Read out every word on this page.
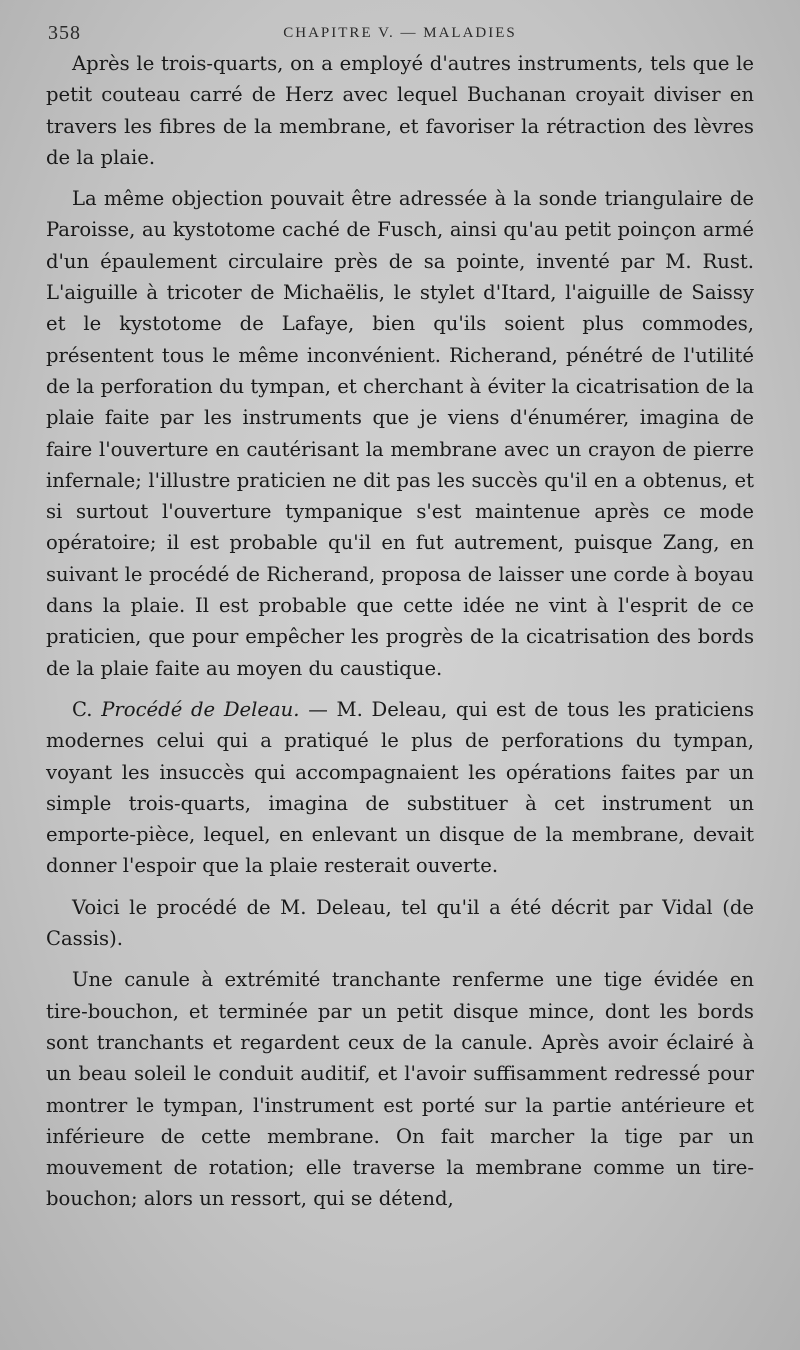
358	CHAPITRE V. — MALADIES

Après le trois-quarts, on a employé d'autres instruments, tels que le petit couteau carré de Herz avec lequel Buchanan croyait diviser en travers les fibres de la membrane, et favoriser la rétraction des lèvres de la plaie.

La même objection pouvait être adressée à la sonde triangulaire de Paroisse, au kystotome caché de Fusch, ainsi qu'au petit poinçon armé d'un épaulement circulaire près de sa pointe, inventé par M. Rust. L'aiguille à tricoter de Michaëlis, le stylet d'Itard, l'aiguille de Saissy et le kystotome de Lafaye, bien qu'ils soient plus commodes, présentent tous le même inconvénient. Richerand, pénétré de l'utilité de la perforation du tympan, et cherchant à éviter la cicatrisation de la plaie faite par les instruments que je viens d'énumérer, imagina de faire l'ouverture en cautérisant la membrane avec un crayon de pierre infernale; l'illustre praticien ne dit pas les succès qu'il en a obtenus, et si surtout l'ouverture tympanique s'est maintenue après ce mode opératoire; il est probable qu'il en fut autrement, puisque Zang, en suivant le procédé de Richerand, proposa de laisser une corde à boyau dans la plaie. Il est probable que cette idée ne vint à l'esprit de ce praticien, que pour empêcher les progrès de la cicatrisation des bords de la plaie faite au moyen du caustique.

C. Procédé de Deleau. — M. Deleau, qui est de tous les praticiens modernes celui qui a pratiqué le plus de perforations du tympan, voyant les insuccès qui accompagnaient les opérations faites par un simple trois-quarts, imagina de substituer à cet instrument un emporte-pièce, lequel, en enlevant un disque de la membrane, devait donner l'espoir que la plaie resterait ouverte.

Voici le procédé de M. Deleau, tel qu'il a été décrit par Vidal (de Cassis).

Une canule à extrémité tranchante renferme une tige évidée en tire-bouchon, et terminée par un petit disque mince, dont les bords sont tranchants et regardent ceux de la canule. Après avoir éclairé à un beau soleil le conduit auditif, et l'avoir suffisamment redressé pour montrer le tympan, l'instrument est porté sur la partie antérieure et inférieure de cette membrane. On fait marcher la tige par un mouvement de rotation; elle traverse la membrane comme un tire-bouchon; alors un ressort, qui se détend,
